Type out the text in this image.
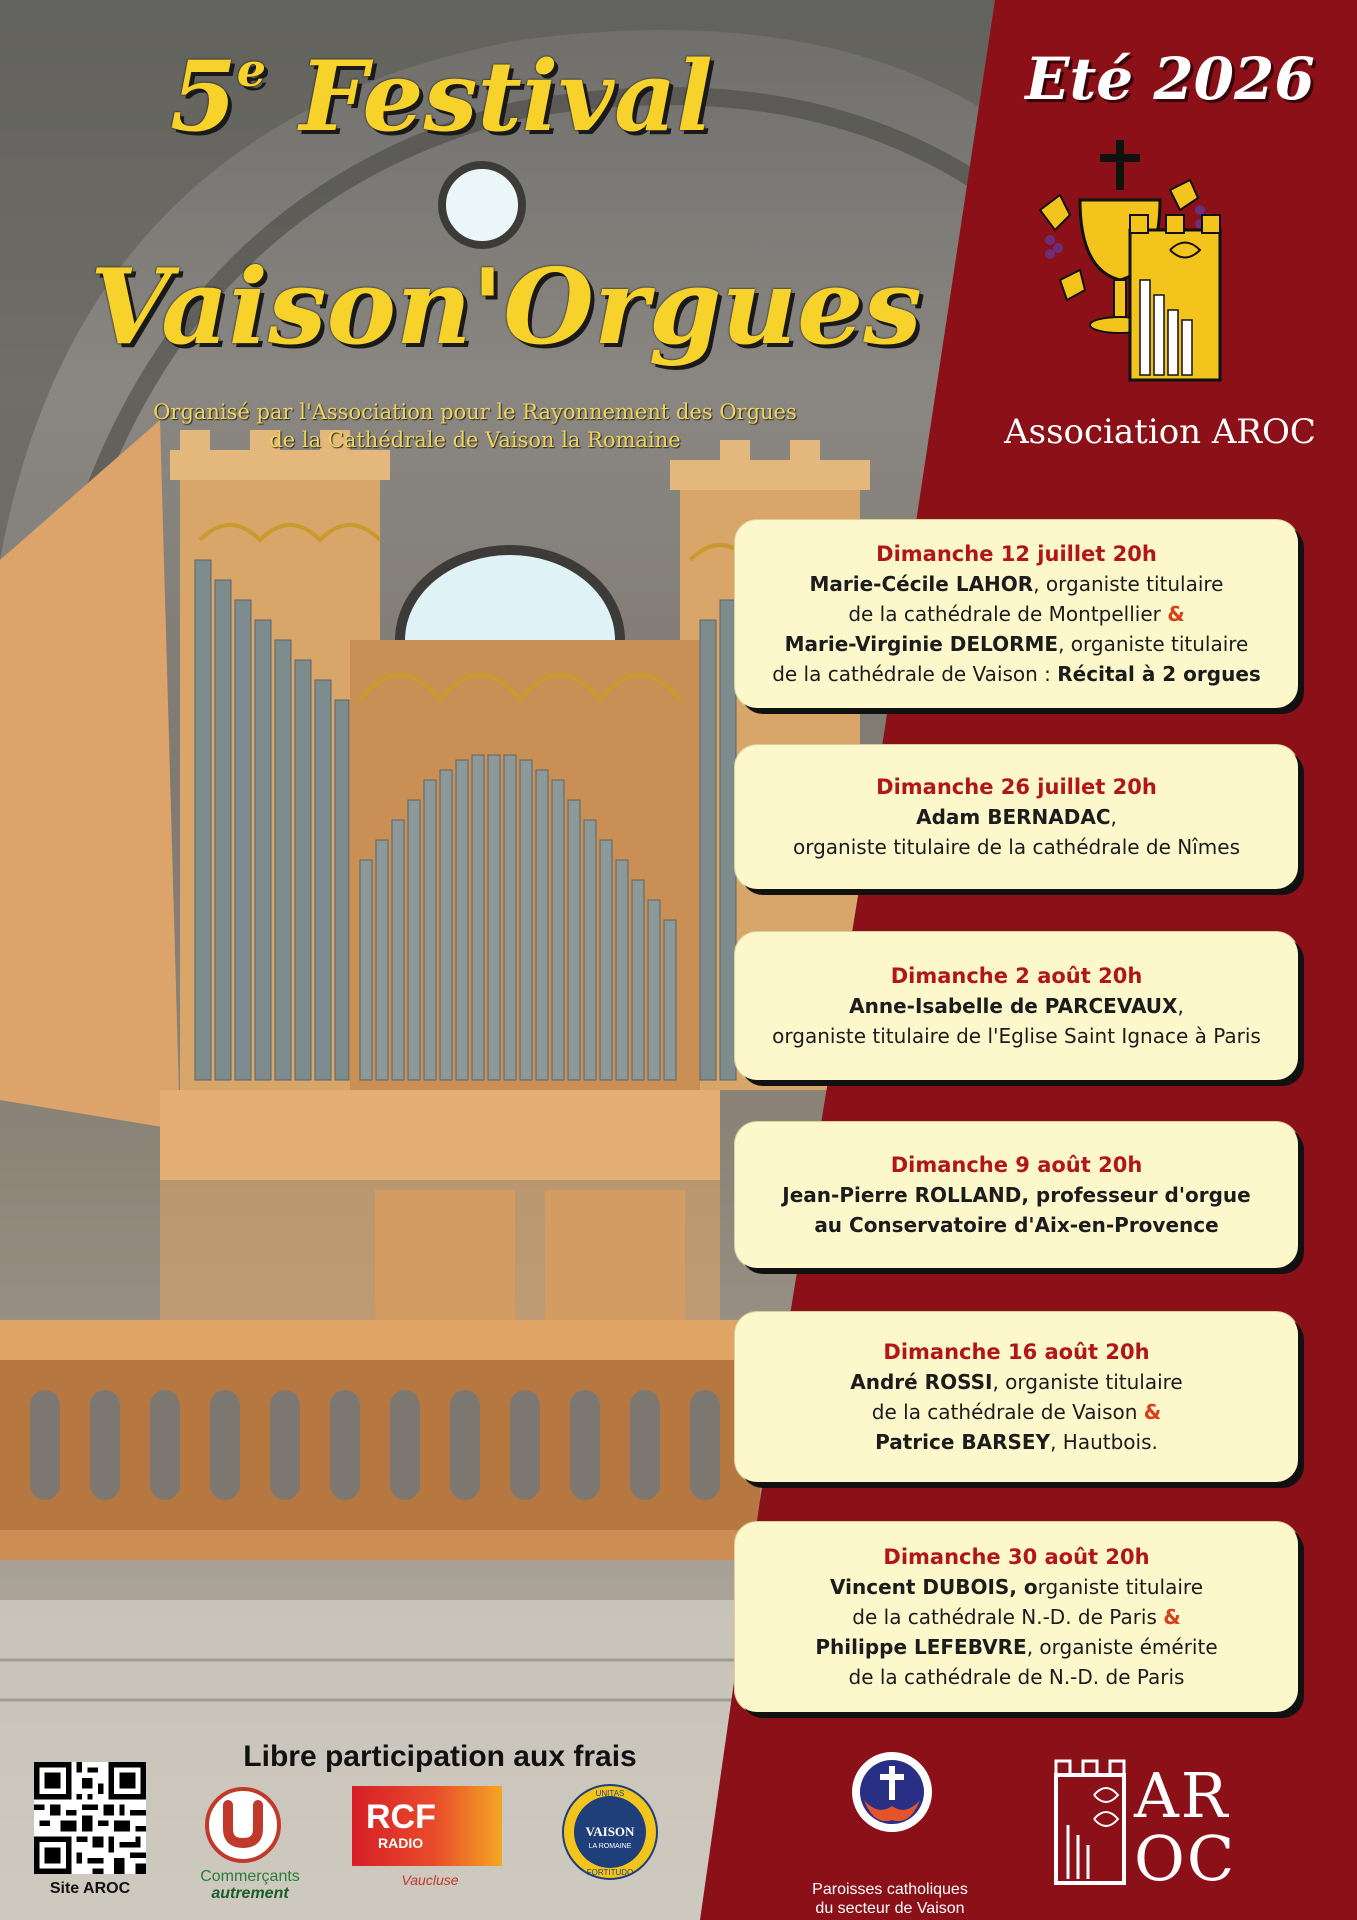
5e Festival
Vaison'Orgues
Organisé par l'Association pour le Rayonnement des Orgues
de la Cathédrale de Vaison la Romaine
Eté 2026
Association AROC
Dimanche 12 juillet 20h
Marie-Cécile LAHOR, organiste titulaire
de la cathédrale de Montpellier &
Marie-Virginie DELORME, organiste titulaire
de la cathédrale de Vaison : Récital à 2 orgues
Dimanche 26 juillet 20h
Adam BERNADAC,
organiste titulaire de la cathédrale de Nîmes
Dimanche 2 août 20h
Anne-Isabelle de PARCEVAUX,
organiste titulaire de l'Eglise Saint Ignace à Paris
Dimanche 9 août 20h
Jean-Pierre ROLLAND, professeur d'orgue
au Conservatoire d'Aix-en-Provence
Dimanche 16 août 20h
André ROSSI, organiste titulaire
de la cathédrale de Vaison &
Patrice BARSEY, Hautbois.
Dimanche 30 août 20h
Vincent DUBOIS, organiste titulaire
de la cathédrale N.-D. de Paris &
Philippe LEFEBVRE, organiste émérite
de la cathédrale de N.-D. de Paris
Libre participation aux frais
Site AROC
Commerçants
autrement
RCF
RADIO
Vaucluse
UNITAS
VAISON
LA ROMAINE
FORTITUDO
Paroisses catholiques
du secteur de Vaison
AR
OC
